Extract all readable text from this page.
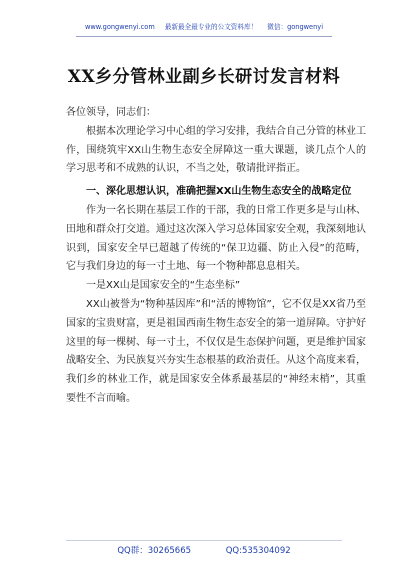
www.gongwenyi.com 最新最全最专业的公文资料库！ 微信：gongwenyi
XX乡分管林业副乡长研讨发言材料

各位领导，同志们：

根据本次理论学习中心组的学习安排，我结合自己分管的林业工作，围绕筑牢XX山生物生态安全屏障这一重大课题，谈几点个人的学习思考和不成熟的认识，不当之处，敬请批评指正。

一、深化思想认识，准确把握XX山生物生态安全的战略定位

作为一名长期在基层工作的干部，我的日常工作更多是与山林、田地和群众打交道。通过这次深入学习总体国家安全观，我深刻地认识到，国家安全早已超越了传统的“保卫边疆、防止入侵”的范畴，它与我们身边的每一寸土地、每一个物种都息息相关。

一是XX山是国家安全的“生态坐标”

XX山被誉为“物种基因库”和“活的博物馆”，它不仅是XX省乃至国家的宝贵财富，更是祖国西南生物生态安全的第一道屏障。守护好这里的每一棵树、每一寸土，不仅仅是生态保护问题，更是维护国家战略安全、为民族复兴夯实生态根基的政治责任。从这个高度来看，我们乡的林业工作，就是国家安全体系最基层的“神经末梢”，其重要性不言而喻。

QQ群：30265665	QQ:535304092
